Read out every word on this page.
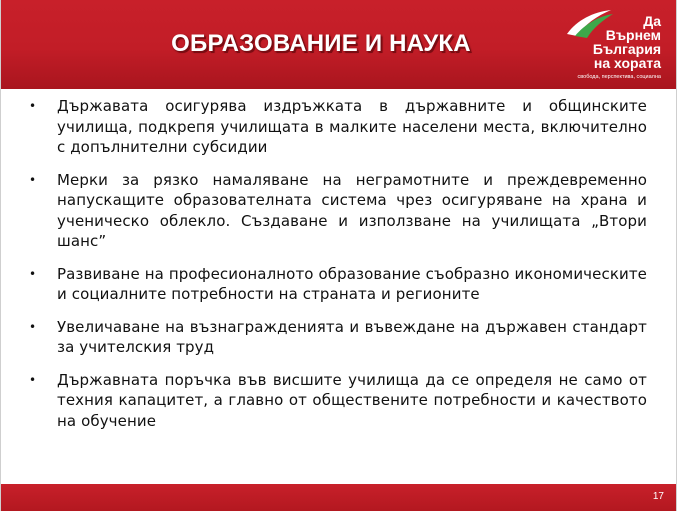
ОБРАЗОВАНИЕ И НАУКА
Да
Върнем
България
на хората
свобода, перспектива, социална
• Държавата осигурява издръжката в държавните и общинските училища, подкрепя училищата в малките населени места, включително с допълнителни субсидии
• Мерки за рязко намаляване на неграмотните и преждевременно напускащите образователната система чрез осигуряване на храна и ученическо облекло. Създаване и използване на училищата „Втори шанс”
• Развиване на професионалното образование съобразно икономическите и социалните потребности на страната и регионите
• Увеличаване на възнагражденията и въвеждане на държавен стандарт за учителския труд
• Държавната поръчка във висшите училища да се определя не само от техния капацитет, а главно от обществените потребности и качеството на обучение
17
